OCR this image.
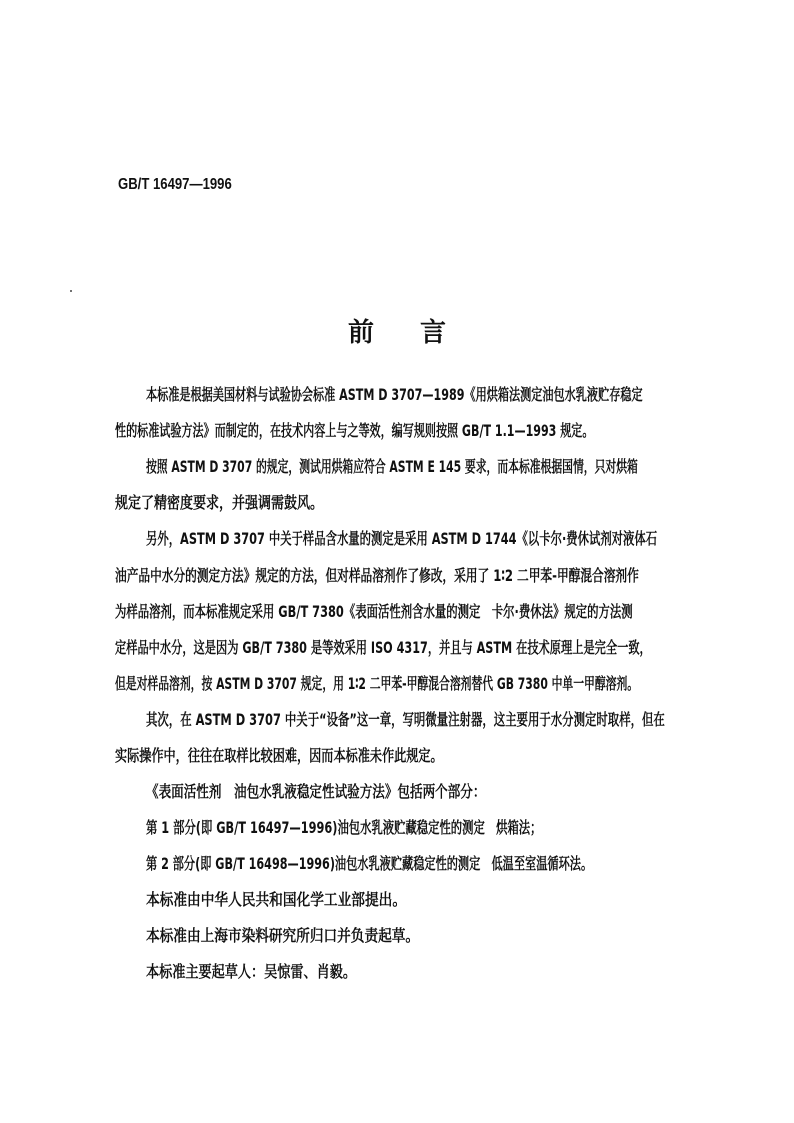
GB/T 16497—1996
前言
本标准是根据美国材料与试验协会标准 ASTM D 3707—1989《用烘箱法测定油包水乳液贮存稳定
性的标准试验方法》而制定的，在技术内容上与之等效，编写规则按照 GB/T 1.1—1993 规定。
按照 ASTM D 3707 的规定，测试用烘箱应符合 ASTM E 145 要求，而本标准根据国情，只对烘箱
规定了精密度要求，并强调需鼓风。
另外，ASTM D 3707 中关于样品含水量的测定是采用 ASTM D 1744《以卡尔·费休试剂对液体石
油产品中水分的测定方法》规定的方法，但对样品溶剂作了修改，采用了 1∶2 二甲苯-甲醇混合溶剂作
为样品溶剂，而本标准规定采用 GB/T 7380《表面活性剂含水量的测定　卡尔·费休法》规定的方法测
定样品中水分，这是因为 GB/T 7380 是等效采用 ISO 4317，并且与 ASTM 在技术原理上是完全一致，
但是对样品溶剂，按 ASTM D 3707 规定，用 1∶2 二甲苯-甲醇混合溶剂替代 GB 7380 中单一甲醇溶剂。
其次，在 ASTM D 3707 中关于“设备”这一章，写明微量注射器，这主要用于水分测定时取样，但在
实际操作中，往往在取样比较困难，因而本标准未作此规定。
《表面活性剂　油包水乳液稳定性试验方法》包括两个部分：
第 1 部分(即 GB/T 16497—1996)油包水乳液贮藏稳定性的测定　烘箱法；
第 2 部分(即 GB/T 16498—1996)油包水乳液贮藏稳定性的测定　低温至室温循环法。
本标准由中华人民共和国化学工业部提出。
本标准由上海市染料研究所归口并负责起草。
本标准主要起草人：吴惊雷、肖毅。
